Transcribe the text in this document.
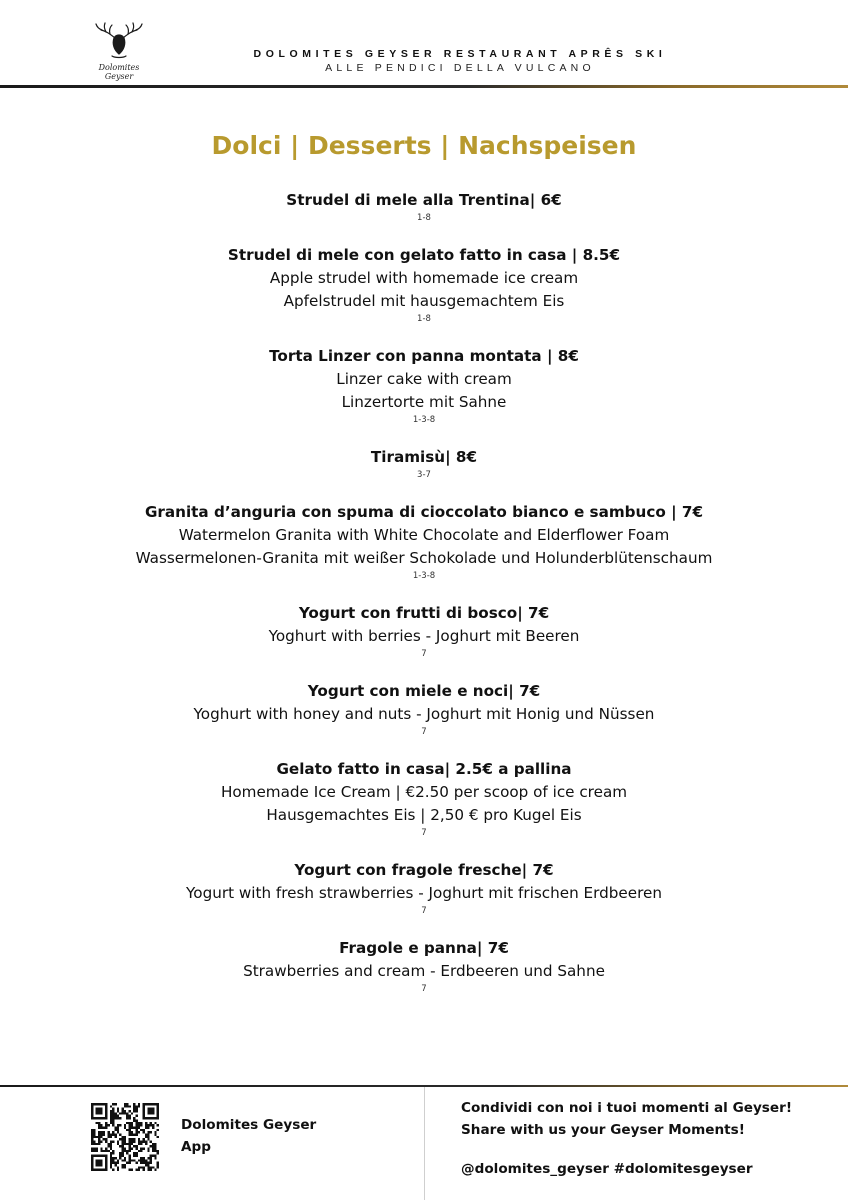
Dolomites Geyser
DOLOMITES GEYSER RESTAURANT APRÊS SKI
ALLE PENDICI DELLA VULCANO
Dolci | Desserts | Nachspeisen
Strudel di mele alla Trentina| 6€
1-8
Strudel di mele con gelato fatto in casa | 8.5€
Apple strudel with homemade ice cream
Apfelstrudel mit hausgemachtem Eis
1-8
Torta Linzer con panna montata | 8€
Linzer cake with cream
Linzertorte mit Sahne
1-3-8
Tiramisù| 8€
3-7
Granita d’anguria con spuma di cioccolato bianco e sambuco | 7€
Watermelon Granita with White Chocolate and Elderflower Foam
Wassermelonen-Granita mit weißer Schokolade und Holunderblütenschaum
1-3-8
Yogurt con frutti di bosco| 7€
Yoghurt with berries - Joghurt mit Beeren
7
Yogurt con miele e noci| 7€
Yoghurt with honey and nuts - Joghurt mit Honig und Nüssen
7
Gelato fatto in casa| 2.5€ a pallina
Homemade Ice Cream | €2.50 per scoop of ice cream
Hausgemachtes Eis | 2,50 € pro Kugel Eis
7
Yogurt con fragole fresche| 7€
Yogurt with fresh strawberries - Joghurt mit frischen Erdbeeren
7
Fragole e panna| 7€
Strawberries and cream - Erdbeeren und Sahne
7
Dolomites Geyser
App
Condividi con noi i tuoi momenti al Geyser!
Share with us your Geyser Moments!
@dolomites_geyser #dolomitesgeyser
